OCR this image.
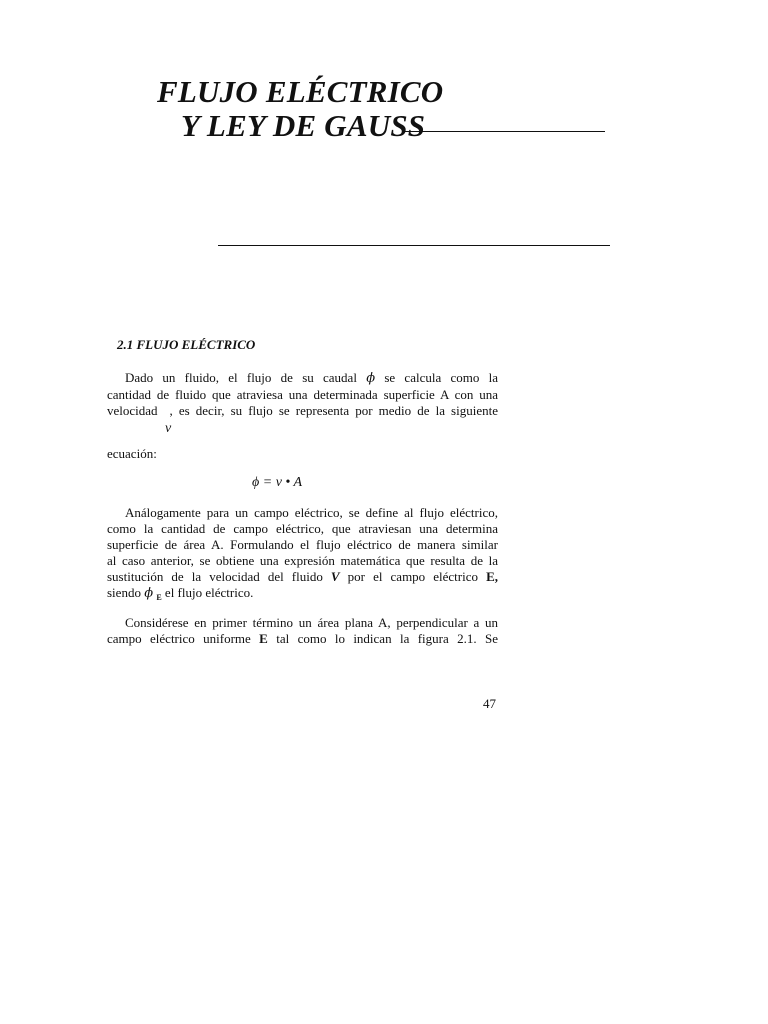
FLUJO ELÉCTRICO
Y LEY DE GAUSS
2.1 FLUJO ELÉCTRICO

Dado un fluido, el flujo de su caudal ϕ se calcula como la
cantidad de fluido que atraviesa una determinada superficie A con una
velocidad , es decir, su flujo se representa por medio de la siguiente

v

ecuación:

ϕ = v • A

Análogamente para un campo eléctrico, se define al flujo eléctrico,
como la cantidad de campo eléctrico, que atraviesan una determina
superficie de área A. Formulando el flujo eléctrico de manera similar
al caso anterior, se obtiene una expresión matemática que resulta de la
sustitución de la velocidad del fluido V por el campo eléctrico E,
siendo ϕ $_E$ el flujo eléctrico.

Considérese en primer término un área plana A, perpendicular a un
campo eléctrico uniforme E tal como lo indican la figura 2.1. Se

47
